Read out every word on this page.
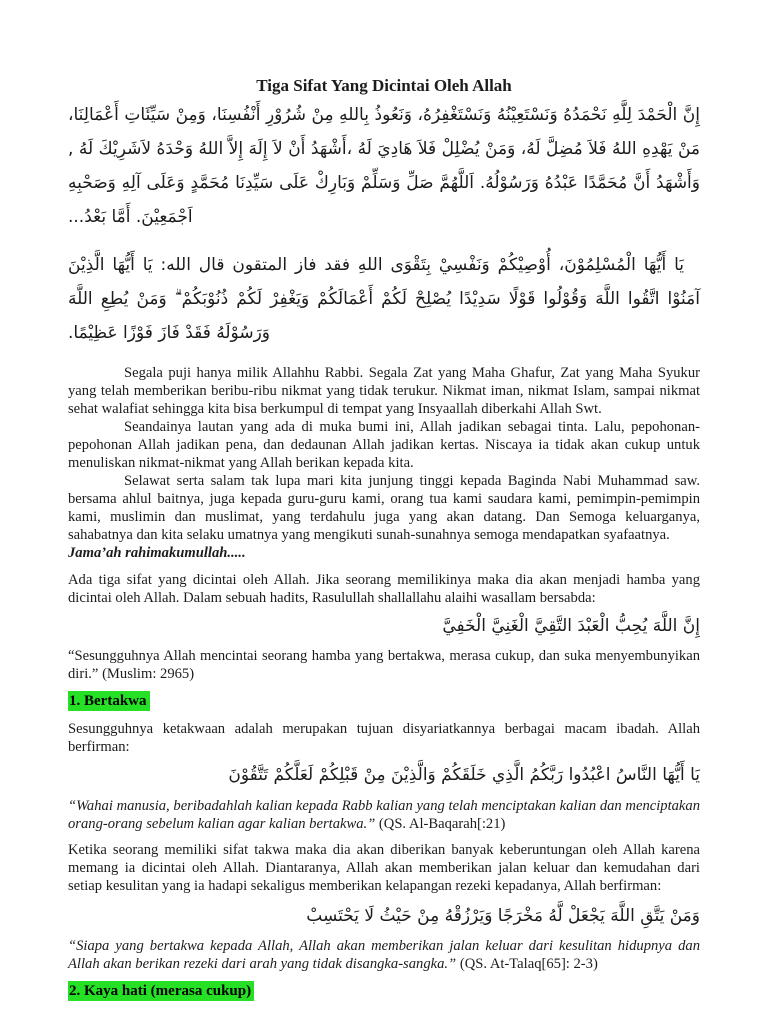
Tiga Sifat Yang Dicintai Oleh Allah

إِنَّ الْحَمْدَ لِلَّهِ نَحْمَدُهُ وَنَسْتَعِيْنُهُ وَنَسْتَغْفِرُهُ، وَنَعُوذُ بِاللهِ مِنْ شُرُوْرِ أَنْفُسِنَا، وَمِنْ سَيِّئَاتِ أَعْمَالِنَا، مَنْ يَهْدِهِ اللهُ فَلاَ مُضِلَّ لَهُ، وَمَنْ يُضْلِلْ فَلاَ هَادِيَ لَهُ ،أَشْهَدُ أَنْ لاَ إِلَهَ إِلاَّ اللهُ وَحْدَهُ لاَشَرِيْكَ لَهُ , وَأَشْهَدُ أَنَّ مُحَمَّدًا عَبْدُهُ وَرَسُوْلُهُ. اَللَّهُمَّ صَلِّ وَسَلِّمْ وَبَارِكْ عَلَى سَيِّدِنَا مُحَمَّدٍ وَعَلَى آلِهِ وَصَحْبِهِ اَجْمَعِيْنَ. أَمَّا بَعْدُ...

يَا أَيُّهَا الْمُسْلِمُوْنَ، أُوْصِيْكُمْ وَنَفْسِيْ بِتَقْوَى اللهِ فقد فاز المتقون قال الله: يَا أَيُّهَا الَّذِيْنَ آمَنُوْا اتَّقُوا اللَّهَ وَقُوْلُوا قَوْلًا سَدِيْدًا يُصْلِحْ لَكُمْ أَعْمَالَكُمْ وَيَغْفِرْ لَكُمْ ذُنُوْبَكُمْ ۗ وَمَنْ يُطِعِ اللَّهَ وَرَسُوْلَهُ فَقَدْ فَازَ فَوْزًا عَظِيْمًا.

Segala puji hanya milik Allahhu Rabbi. Segala Zat yang Maha Ghafur, Zat yang Maha Syukur yang telah memberikan beribu-ribu nikmat yang tidak terukur. Nikmat iman, nikmat Islam, sampai nikmat sehat walafiat sehingga kita bisa berkumpul di tempat yang Insyaallah diberkahi Allah Swt.

Seandainya lautan yang ada di muka bumi ini, Allah jadikan sebagai tinta. Lalu, pepohonan-pepohonan Allah jadikan pena, dan dedaunan Allah jadikan kertas. Niscaya ia tidak akan cukup untuk menuliskan nikmat-nikmat yang Allah berikan kepada kita.

Selawat serta salam tak lupa mari kita junjung tinggi kepada Baginda Nabi Muhammad saw. bersama ahlul baitnya, juga kepada guru-guru kami, orang tua kami saudara kami, pemimpin-pemimpin kami, muslimin dan muslimat, yang terdahulu juga yang akan datang. Dan Semoga keluarganya, sahabatnya dan kita selaku umatnya yang mengikuti sunah-sunahnya semoga mendapatkan syafaatnya.

Jama’ah rahimakumullah.....

Ada tiga sifat yang dicintai oleh Allah. Jika seorang memilikinya maka dia akan menjadi hamba yang dicintai oleh Allah. Dalam sebuah hadits, Rasulullah shallallahu alaihi wasallam bersabda:

إِنَّ اللَّهَ يُحِبُّ الْعَبْدَ التَّقِيَّ الْغَنِيَّ الْخَفِيَّ

“Sesungguhnya Allah mencintai seorang hamba yang bertakwa, merasa cukup, dan suka menyembunyikan diri.” (Muslim: 2965)

1. Bertakwa

Sesungguhnya ketakwaan adalah merupakan tujuan disyariatkannya berbagai macam ibadah. Allah berfirman:

يَا أَيُّهَا النَّاسُ اعْبُدُوا رَبَّكُمُ الَّذِي خَلَقَكُمْ وَالَّذِيْنَ مِنْ قَبْلِكُمْ لَعَلَّكُمْ تَتَّقُوْنَ

“Wahai manusia, beribadahlah kalian kepada Rabb kalian yang telah menciptakan kalian dan menciptakan orang-orang sebelum kalian agar kalian bertakwa.” (QS. Al-Baqarah[:21)

Ketika seorang memiliki sifat takwa maka dia akan diberikan banyak keberuntungan oleh Allah karena memang ia dicintai oleh Allah. Diantaranya, Allah akan memberikan jalan keluar dan kemudahan dari setiap kesulitan yang ia hadapi sekaligus memberikan kelapangan rezeki kepadanya, Allah berfirman:

وَمَنْ يَتَّقِ اللَّهَ يَجْعَلْ لَّهُ مَخْرَجًا وَيَرْزُقْهُ مِنْ حَيْثُ لَا يَحْتَسِبْ

“Siapa yang bertakwa kepada Allah, Allah akan memberikan jalan keluar dari kesulitan hidupnya dan Allah akan berikan rezeki dari arah yang tidak disangka-sangka.” (QS. At-Talaq[65]: 2-3)

2. Kaya hati (merasa cukup)
